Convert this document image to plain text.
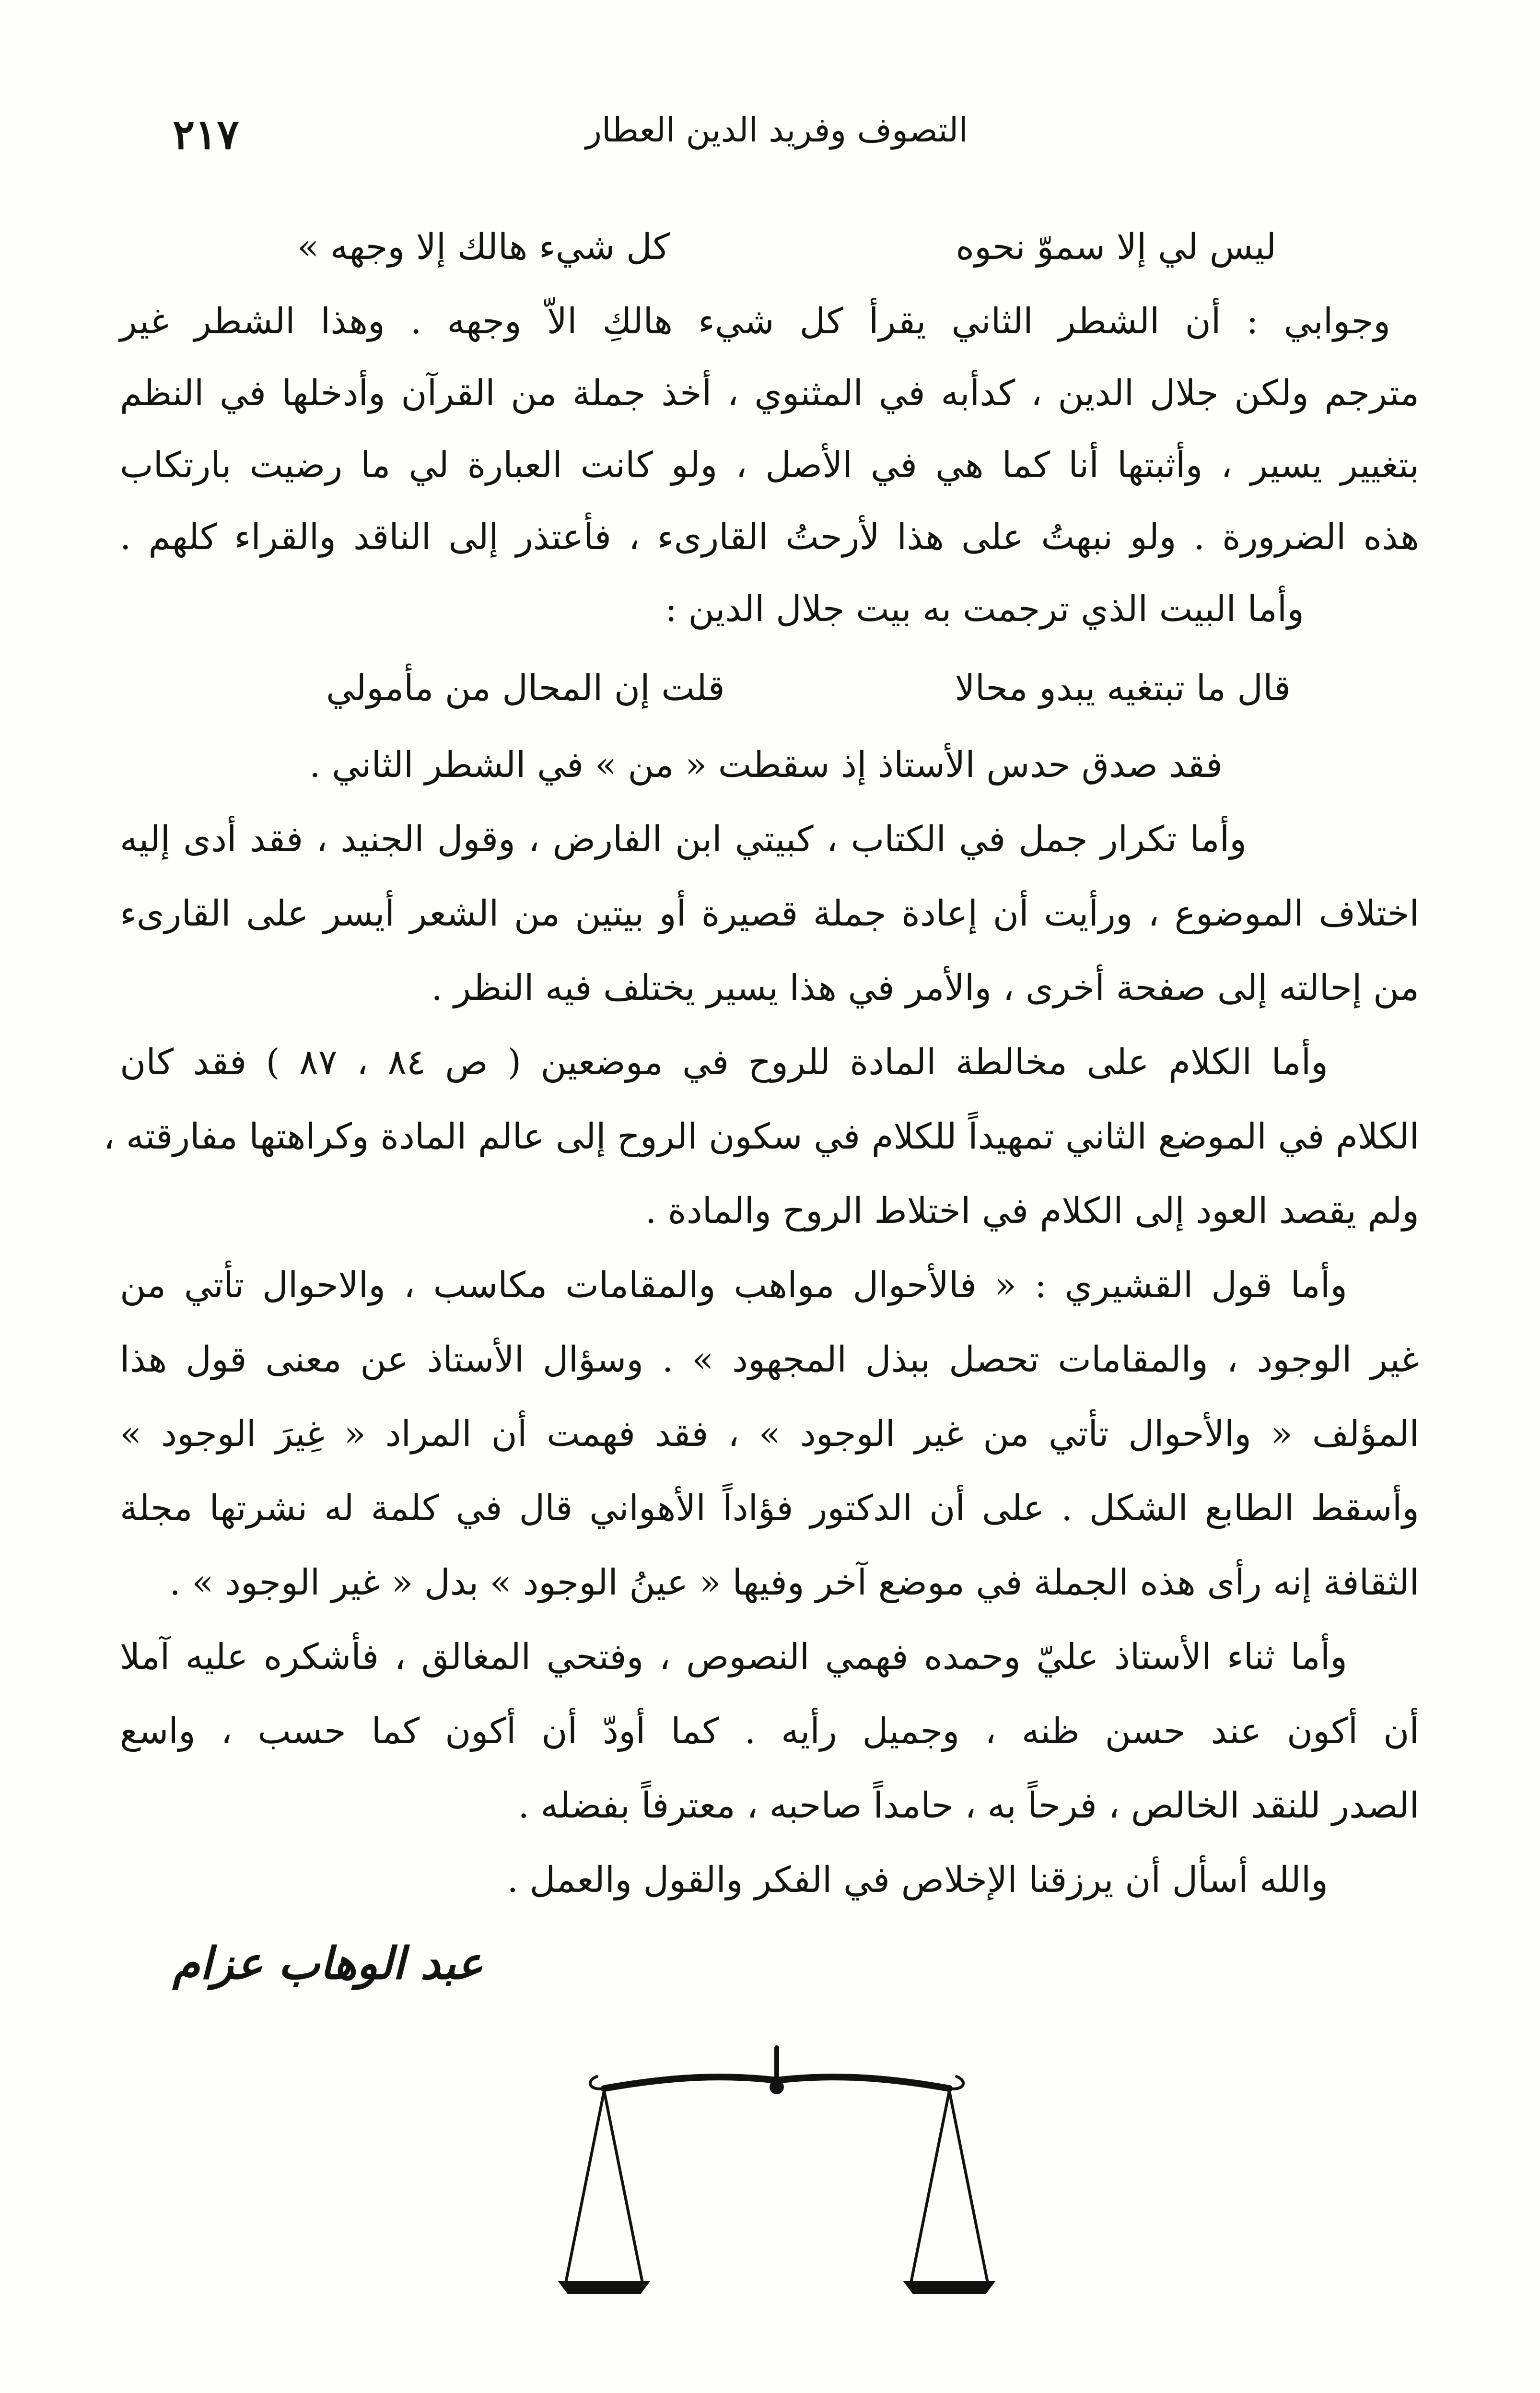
٢١٧	التصوف وفريد الدين العطار
ليس لي إلا سموّ نحوه
كل شيء هالك إلا وجهه »
وجوابي : أن الشطر الثاني يقرأ كل شيء هالكِ الاّ وجهه . وهذا الشطر غير
مترجم ولكن جلال الدين ، كدأبه في المثنوي ، أخذ جملة من القرآن وأدخلها في النظم
بتغيير يسير ، وأثبتها أنا كما هي في الأصل ، ولو كانت العبارة لي ما رضيت بارتكاب
هذه الضرورة . ولو نبهتُ على هذا لأرحتُ القارىء ، فأعتذر إلى الناقد والقراء كلهم .
وأما البيت الذي ترجمت به بيت جلال الدين :
قال ما تبتغيه يبدو محالا
قلت إن المحال من مأمولي
فقد صدق حدس الأستاذ إذ سقطت « من » في الشطر الثاني .
وأما تكرار جمل في الكتاب ، كبيتي ابن الفارض ، وقول الجنيد ، فقد أدى إليه
اختلاف الموضوع ، ورأيت أن إعادة جملة قصيرة أو بيتين من الشعر أيسر على القارىء
من إحالته إلى صفحة أخرى ، والأمر في هذا يسير يختلف فيه النظر .
وأما الكلام على مخالطة المادة للروح في موضعين ( ص ٨٤ ، ٨٧ ) فقد كان
الكلام في الموضع الثاني تمهيداً للكلام في سكون الروح إلى عالم المادة وكراهتها مفارقته ،
ولم يقصد العود إلى الكلام في اختلاط الروح والمادة .
وأما قول القشيري : « فالأحوال مواهب والمقامات مكاسب ، والاحوال تأتي من
غير الوجود ، والمقامات تحصل ببذل المجهود » . وسؤال الأستاذ عن معنى قول هذا
المؤلف « والأحوال تأتي من غير الوجود » ، فقد فهمت أن المراد « غِيرَ الوجود »
وأسقط الطابع الشكل . على أن الدكتور فؤاداً الأهواني قال في كلمة له نشرتها مجلة
الثقافة إنه رأى هذه الجملة في موضع آخر وفيها « عينُ الوجود » بدل « غير الوجود » .
وأما ثناء الأستاذ عليّ وحمده فهمي النصوص ، وفتحي المغالق ، فأشكره عليه آملا
أن أكون عند حسن ظنه ، وجميل رأيه . كما أودّ أن أكون كما حسب ، واسع
الصدر للنقد الخالص ، فرحاً به ، حامداً صاحبه ، معترفاً بفضله .
والله أسأل أن يرزقنا الإخلاص في الفكر والقول والعمل .
عبد الوهاب عزام
